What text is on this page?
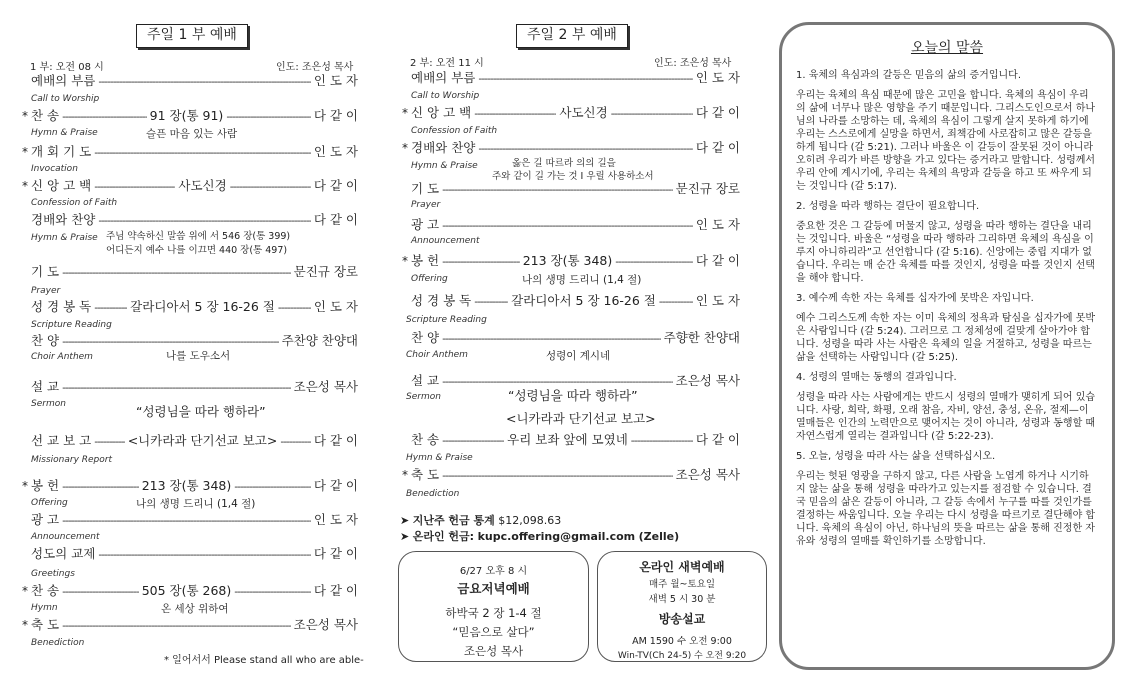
주일 1 부 예배
1 부: 오전 08 시	인도: 조은성 목사
예배의 부름 -----	인 도 자
Call to Worship
* 찬 송 -----	91 장(통 91) -----	다 같 이
Hymn & Praise	슬픈 마음 있는 사람
* 개 회 기 도 -----	인 도 자
Invocation
* 신 앙 고 백 -----	사도신경 -----	다 같 이
Confession of Faith
경배와 찬양 -----	다 같 이
Hymn & Praise 주님 약속하신 말씀 위에 서 546 장(통 399)
어디든지 예수 나를 이끄면 440 장(통 497)
기 도 -----	문진규 장로
Prayer
성 경 봉 독 -----	갈라디아서 5 장 16-26 절 -----	인 도 자
Scripture Reading
찬 양 -----	주찬양 찬양대
Choir Anthem	나를 도우소서
설 교 -----	조은성 목사
Sermon	“성령님을 따라 행하라”
선 교 보 고 -----	<니카라과 단기선교 보고> -----	다 같 이
Missionary Report
* 봉 헌 -----	213 장(통 348) -----	다 같 이
Offering	나의 생명 드리니 (1,4 절)
광 고 -----	인 도 자
Announcement
성도의 교제 -----	다 같 이
Greetings
* 찬 송 -----	505 장(통 268) -----	다 같 이
Hymn	온 세상 위하여
* 축 도 -----	조은성 목사
Benediction
* 일어서서 Please stand all who are able-
주일 2 부 예배
2 부: 오전 11 시	인도: 조은성 목사
예배의 부름 -----	인 도 자
Call to Worship
* 신 앙 고 백 -----	사도신경 -----	다 같 이
Confession of Faith
* 경배와 찬양 -----	다 같 이
Hymn & Praise	옳은 길 따르라 의의 길을
주와 같이 길 가는 것 I 우릴 사용하소서
기 도 -----	문진규 장로
Prayer
광 고 -----	인 도 자
Announcement
* 봉 헌 -----	213 장(통 348) -----	다 같 이
Offering	나의 생명 드리니 (1,4 절)
성 경 봉 독 -----	갈라디아서 5 장 16-26 절 -----	인 도 자
Scripture Reading
찬 양 -----	주향한 찬양대
Choir Anthem	성령이 계시네
설 교 -----	조은성 목사
Sermon	“성령님을 따라 행하라”
<니카라과 단기선교 보고>
찬 송 -----	우리 보좌 앞에 모였네 -----	다 같 이
Hymn & Praise
* 축 도 -----	조은성 목사
Benediction
➤ 지난주 헌금 통계 $12,098.63
➤ 온라인 헌금: kupc.offering@gmail.com (Zelle)
6/27 오후 8 시
금요저녁예배
하박국 2 장 1-4 절
“믿음으로 살다”
조은성 목사
온라인 새벽예배
매주 월~토요일
새벽 5 시 30 분
방송설교
AM 1590 수 오전 9:00
Win-TV(Ch 24-5) 수 오전 9:20
오늘의 말씀

1. 육체의 욕심과의 갈등은 믿음의 삶의 증거입니다.

우리는 육체의 욕심 때문에 많은 고민을 합니다. 육체의 욕심이 우리의 삶에 너무나 많은 영향을 주기 때문입니다. 그리스도인으로서 하나님의 나라를 소망하는 데, 육체의 욕심이 그렇게 살지 못하게 하기에 우리는 스스로에게 실망을 하면서, 죄책감에 사로잡히고 많은 갈등을 하게 됩니다 (갈 5:21). 그러나 바울은 이 갈등이 잘못된 것이 아니라 오히려 우리가 바른 방향을 가고 있다는 증거라고 말합니다. 성령께서 우리 안에 계시기에, 우리는 육체의 욕망과 갈등을 하고 또 싸우게 되는 것입니다 (갈 5:17).

2. 성령을 따라 행하는 결단이 필요합니다.

중요한 것은 그 갈등에 머물지 않고, 성령을 따라 행하는 결단을 내리는 것입니다. 바울은 “성령을 따라 행하라 그리하면 육체의 욕심을 이루지 아니하리라”고 선언합니다 (갈 5:16). 신앙에는 중립 지대가 없습니다. 우리는 매 순간 육체를 따를 것인지, 성령을 따를 것인지 선택을 해야 합니다.

3. 예수께 속한 자는 육체를 십자가에 못박은 자입니다.

예수 그리스도께 속한 자는 이미 육체의 정욕과 탐심을 십자가에 못박은 사람입니다 (갈 5:24). 그러므로 그 정체성에 걸맞게 살아가야 합니다. 성령을 따라 사는 사람은 육체의 일을 거절하고, 성령을 따르는 삶을 선택하는 사람입니다 (갈 5:25).

4. 성령의 열매는 동행의 결과입니다.

성령을 따라 사는 사람에게는 반드시 성령의 열매가 맺히게 되어 있습니다. 사랑, 희락, 화평, 오래 참음, 자비, 양선, 충성, 온유, 절제—이 열매들은 인간의 노력만으로 맺어지는 것이 아니라, 성령과 동행할 때 자연스럽게 열리는 결과입니다 (갈 5:22-23).

5. 오늘, 성령을 따라 사는 삶을 선택하십시오.

우리는 헛된 영광을 구하지 않고, 다른 사람을 노엽게 하거나 시기하지 않는 삶을 통해 성령을 따라가고 있는지를 점검할 수 있습니다. 결국 믿음의 삶은 갈등이 아니라, 그 갈등 속에서 누구를 따를 것인가를 결정하는 싸움입니다. 오늘 우리는 다시 성령을 따르기로 결단해야 합니다. 육체의 욕심이 아닌, 하나님의 뜻을 따르는 삶을 통해 진정한 자유와 성령의 열매를 확인하기를 소망합니다.
